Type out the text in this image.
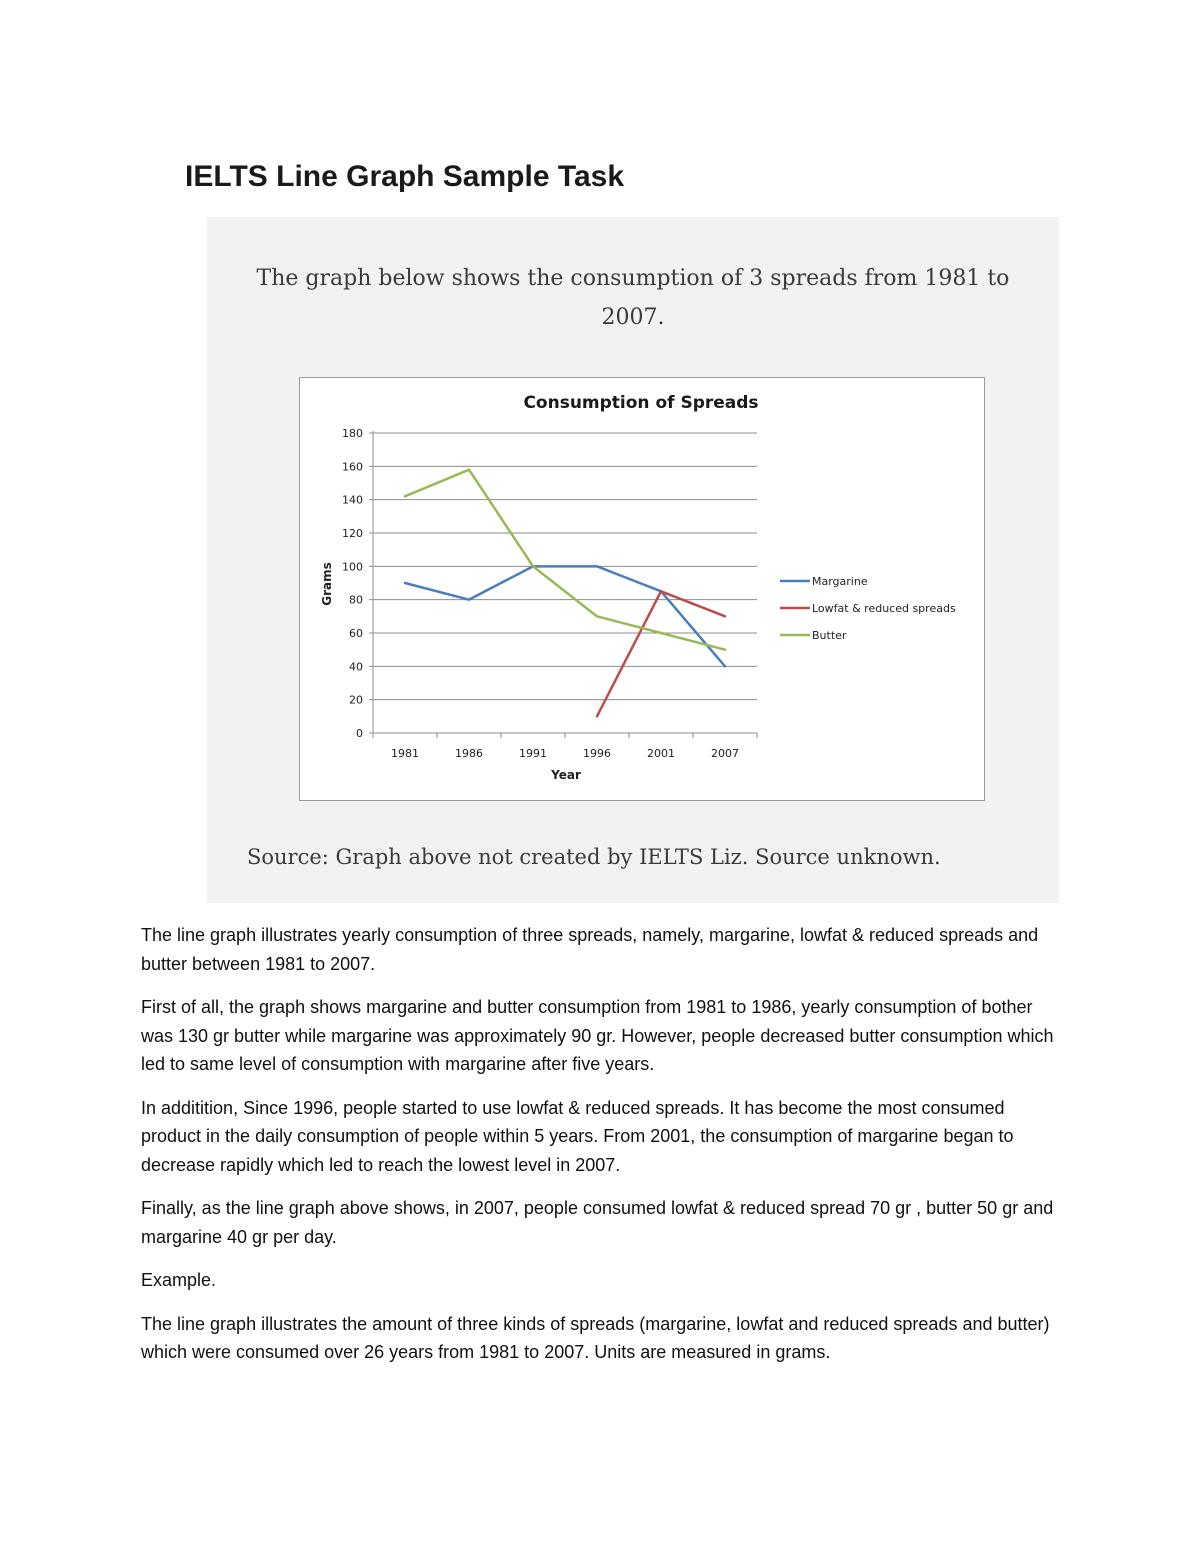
IELTS Line Graph Sample Task

The graph below shows the consumption of 3 spreads from 1981 to
2007.

0
20
40
60
80
100
120
140
160
180
1981	1986	1991	1996	2001	2007
Margarine
Lowfat & reduced spreads
Butter
Consumption of Spreads
Year
Grams

Source: Graph above not created by IELTS Liz. Source unknown.

The line graph illustrates yearly consumption of three spreads, namely, margarine, lowfat & reduced spreads and butter between 1981 to 2007.

First of all, the graph shows margarine and butter consumption from 1981 to 1986, yearly consumption of bother was 130 gr butter while margarine was approximately 90 gr. However, people decreased butter consumption which led to same level of consumption with margarine after five years.

In additition, Since 1996, people started to use lowfat & reduced spreads. It has become the most consumed product in the daily consumption of people within 5 years. From 2001, the consumption of margarine began to decrease rapidly which led to reach the lowest level in 2007.

Finally, as the line graph above shows, in 2007, people consumed lowfat & reduced spread 70 gr , butter 50 gr and margarine 40 gr per day.

Example.

The line graph illustrates the amount of three kinds of spreads (margarine, lowfat and reduced spreads and butter) which were consumed over 26 years from 1981 to 2007. Units are measured in grams.
